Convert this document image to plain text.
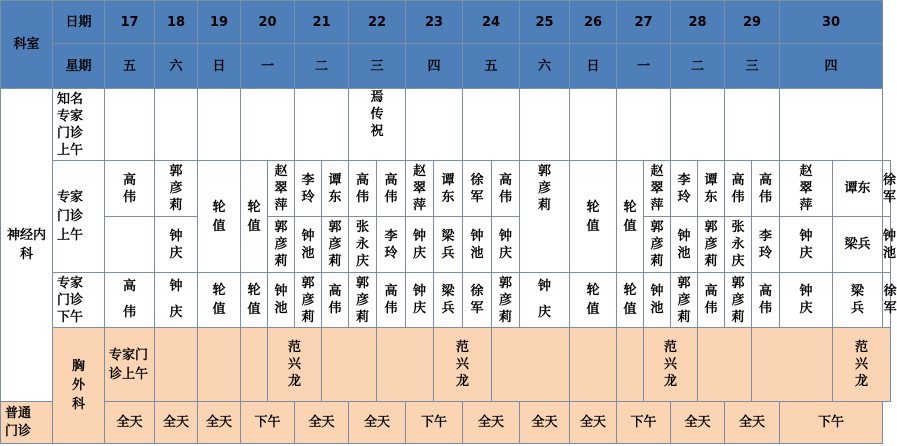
科室	日期	17	18	19	20		21		22		23		24		25	26	27		28		29		30		
	星期	五	六	日	一		二		三		四		五		六	日	一		二		三		四		
神经内科	知名专家门诊上午								焉传祝																
	专家门诊上午	高伟	郭彦莉	轮值	轮值	赵翠萍	李玲	谭东	高伟	高伟	赵翠萍	谭东	徐军	高伟	郭彦莉	轮值	轮值	赵翠萍	李玲	谭东	高伟	高伟	赵翠萍	谭东	徐军
			钟庆			郭彦莉	钟池	郭彦莉	张永庆	李玲	钟庆	梁兵	钟池	钟庆				郭彦莉	钟池	郭彦莉	张永庆	李玲	钟庆	梁兵	钟池
	专家门诊下午	高伟	钟庆	轮值	轮值	钟池	郭彦莉	高伟	郭彦莉	高伟	钟庆	梁兵	徐军	郭彦莉	钟庆	轮值	轮值	钟池	郭彦莉	高伟	郭彦莉	高伟	钟庆	梁兵	徐军
	胸外科	专家门诊上午				范兴龙						范兴龙						范兴龙						范兴龙	
普通门诊		全天	全天	全天	下午		全天		全天		下午		全天		全天	全天	下午		全天		全天		下午		
